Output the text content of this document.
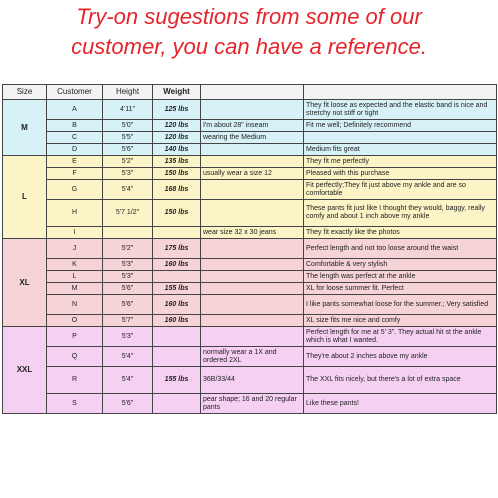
Try-on sugestions from some of our
customer, you can have a reference.
Size	Customer	Height	Weight		
M	A	4'11"	125 lbs		They fit loose as expected and the elastic band is nice and stretchy not stiff or tight
	B	5'0"	120 lbs	I'm about 28" inseam	Fit me well; Definitely recommend
	C	5'5"	120 lbs	wearing the Medium	
	D	5'6"	140 lbs		Medium fits great
L	E	5'2"	135 lbs		They fit me perfectly
	F	5'3"	150 lbs	usually wear a size 12	Pleased with this purchase
	G	5'4"	168 lbs		Fit perfectly;They fit just above my ankle and are so comfortable
	H	5'7 1/2"	150 lbs		These pants fit just like I thought they would, baggy, really comfy and about 1 inch above my ankle
	I			wear size 32 x 30 jeans	They fit exactly like the photos
XL	J	5'2"	175 lbs		Perfect length and not too loose around the waist
	K	5'3"	160 lbs		Comfortable & very stylish
	L	5'3"			The length was perfect at rhe ankle
	M	5'6"	155 lbs		XL for loose summer fit. Perfect
	N	5'6"	160 lbs		I like pants somewhat loose for the summer.; Very satisfied
	O	5'7"	160 lbs		XL size fits me nice and comfy
XXL	P	5'3"			Perfect length for me at 5' 3". They actual hit st the ankle which is what I wanted.
	Q	5'4"		normally wear a 1X and ordered 2XL	They're about 2 inches above my ankle
	R	5'4"	155 lbs	36B/33/44	The XXL fits nicely, but there's a lot of extra space
	S	5'6"		pear shape; 16 and 20 regular pants	Like these pants!
